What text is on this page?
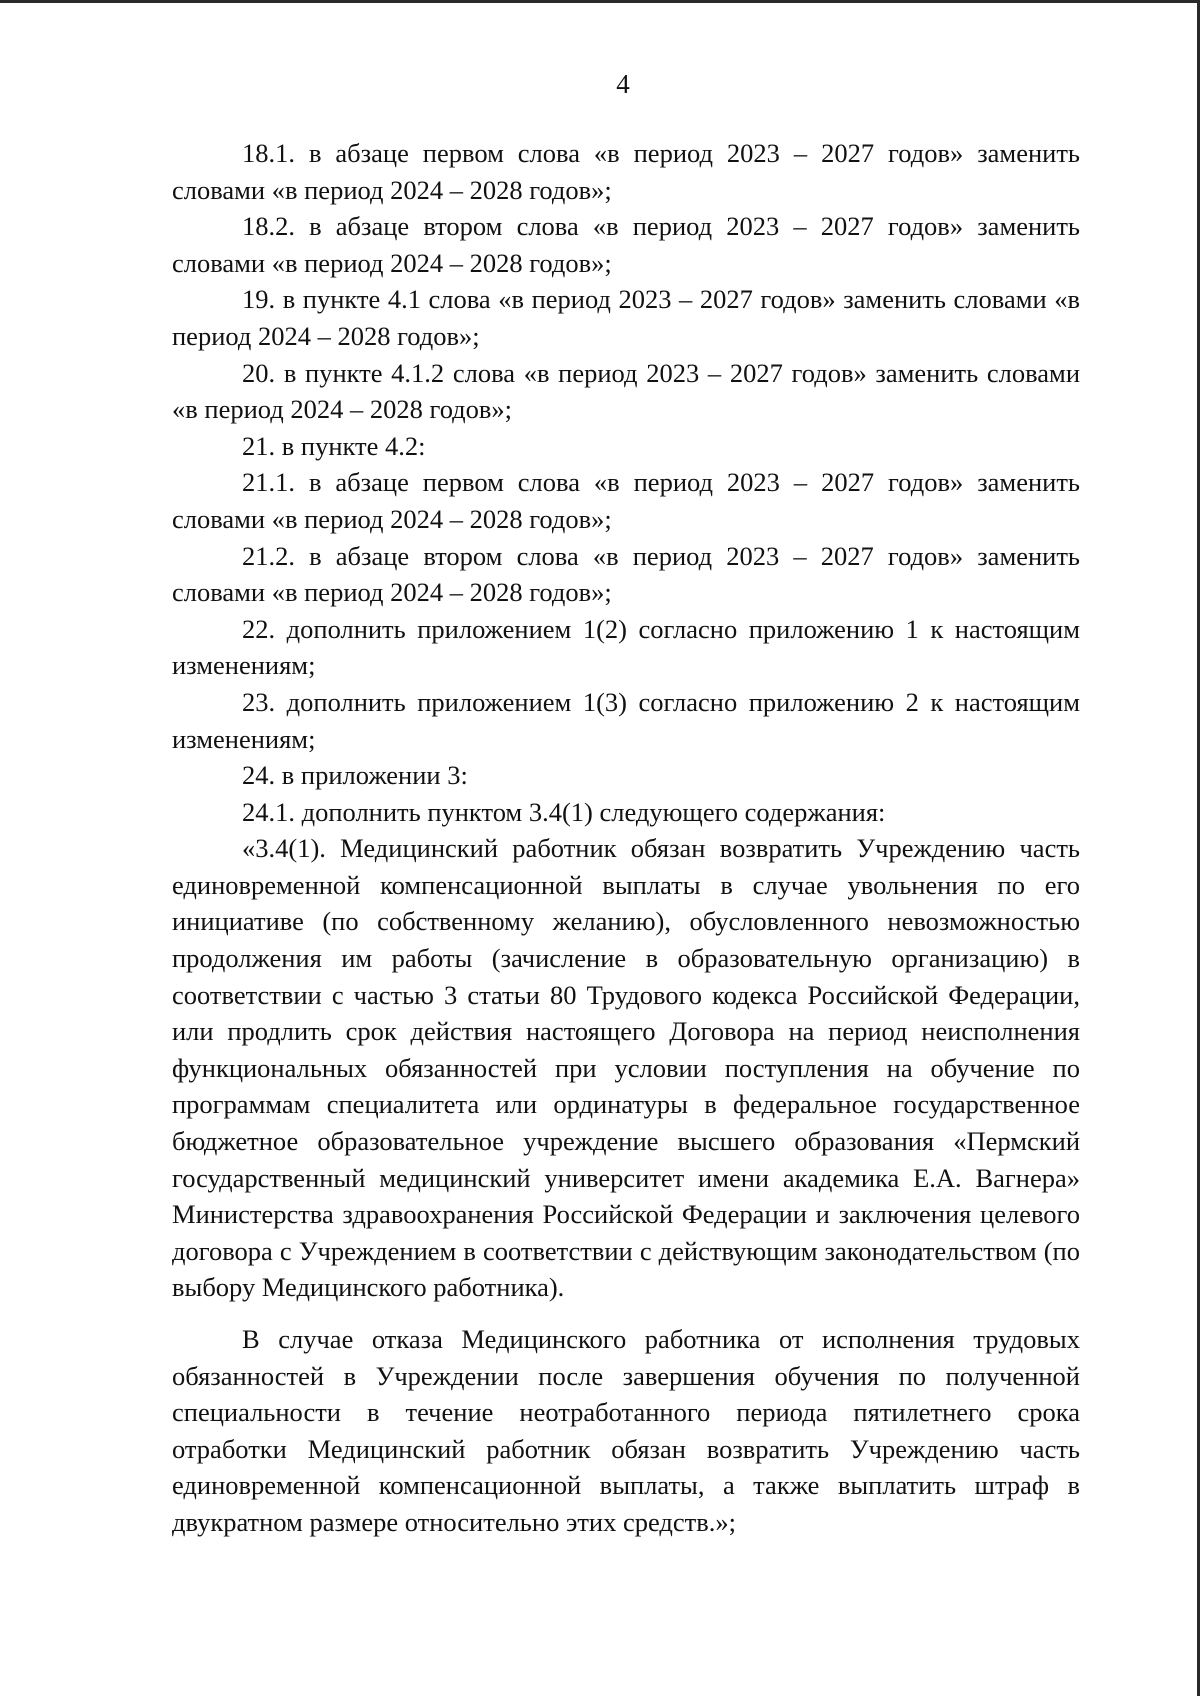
4

18.1. в абзаце первом слова «в период 2023 – 2027 годов» заменить словами «в период 2024 – 2028 годов»;

18.2. в абзаце втором слова «в период 2023 – 2027 годов» заменить словами «в период 2024 – 2028 годов»;

19. в пункте 4.1 слова «в период 2023 – 2027 годов» заменить словами «в период 2024 – 2028 годов»;

20. в пункте 4.1.2 слова «в период 2023 – 2027 годов» заменить словами «в период 2024 – 2028 годов»;

21. в пункте 4.2:

21.1. в абзаце первом слова «в период 2023 – 2027 годов» заменить словами «в период 2024 – 2028 годов»;

21.2. в абзаце втором слова «в период 2023 – 2027 годов» заменить словами «в период 2024 – 2028 годов»;

22. дополнить приложением 1(2) согласно приложению 1 к настоящим изменениям;

23. дополнить приложением 1(3) согласно приложению 2 к настоящим изменениям;

24. в приложении 3:

24.1. дополнить пунктом 3.4(1) следующего содержания:

«3.4(1). Медицинский работник обязан возвратить Учреждению часть единовременной компенсационной выплаты в случае увольнения по его инициативе (по собственному желанию), обусловленного невозможностью продолжения им работы (зачисление в образовательную организацию) в соответствии с частью 3 статьи 80 Трудового кодекса Российской Федерации, или продлить срок действия настоящего Договора на период неисполнения функциональных обязанностей при условии поступления на обучение по программам специалитета или ординатуры в федеральное государственное бюджетное образовательное учреждение высшего образования «Пермский государственный медицинский университет имени академика Е.А. Вагнера» Министерства здравоохранения Российской Федерации и заключения целевого договора с Учреждением в соответствии с действующим законодательством (по выбору Медицинского работника).

В случае отказа Медицинского работника от исполнения трудовых обязанностей в Учреждении после завершения обучения по полученной специальности в течение неотработанного периода пятилетнего срока отработки Медицинский работник обязан возвратить Учреждению часть единовременной компенсационной выплаты, а также выплатить штраф в двукратном размере относительно этих средств.»;
